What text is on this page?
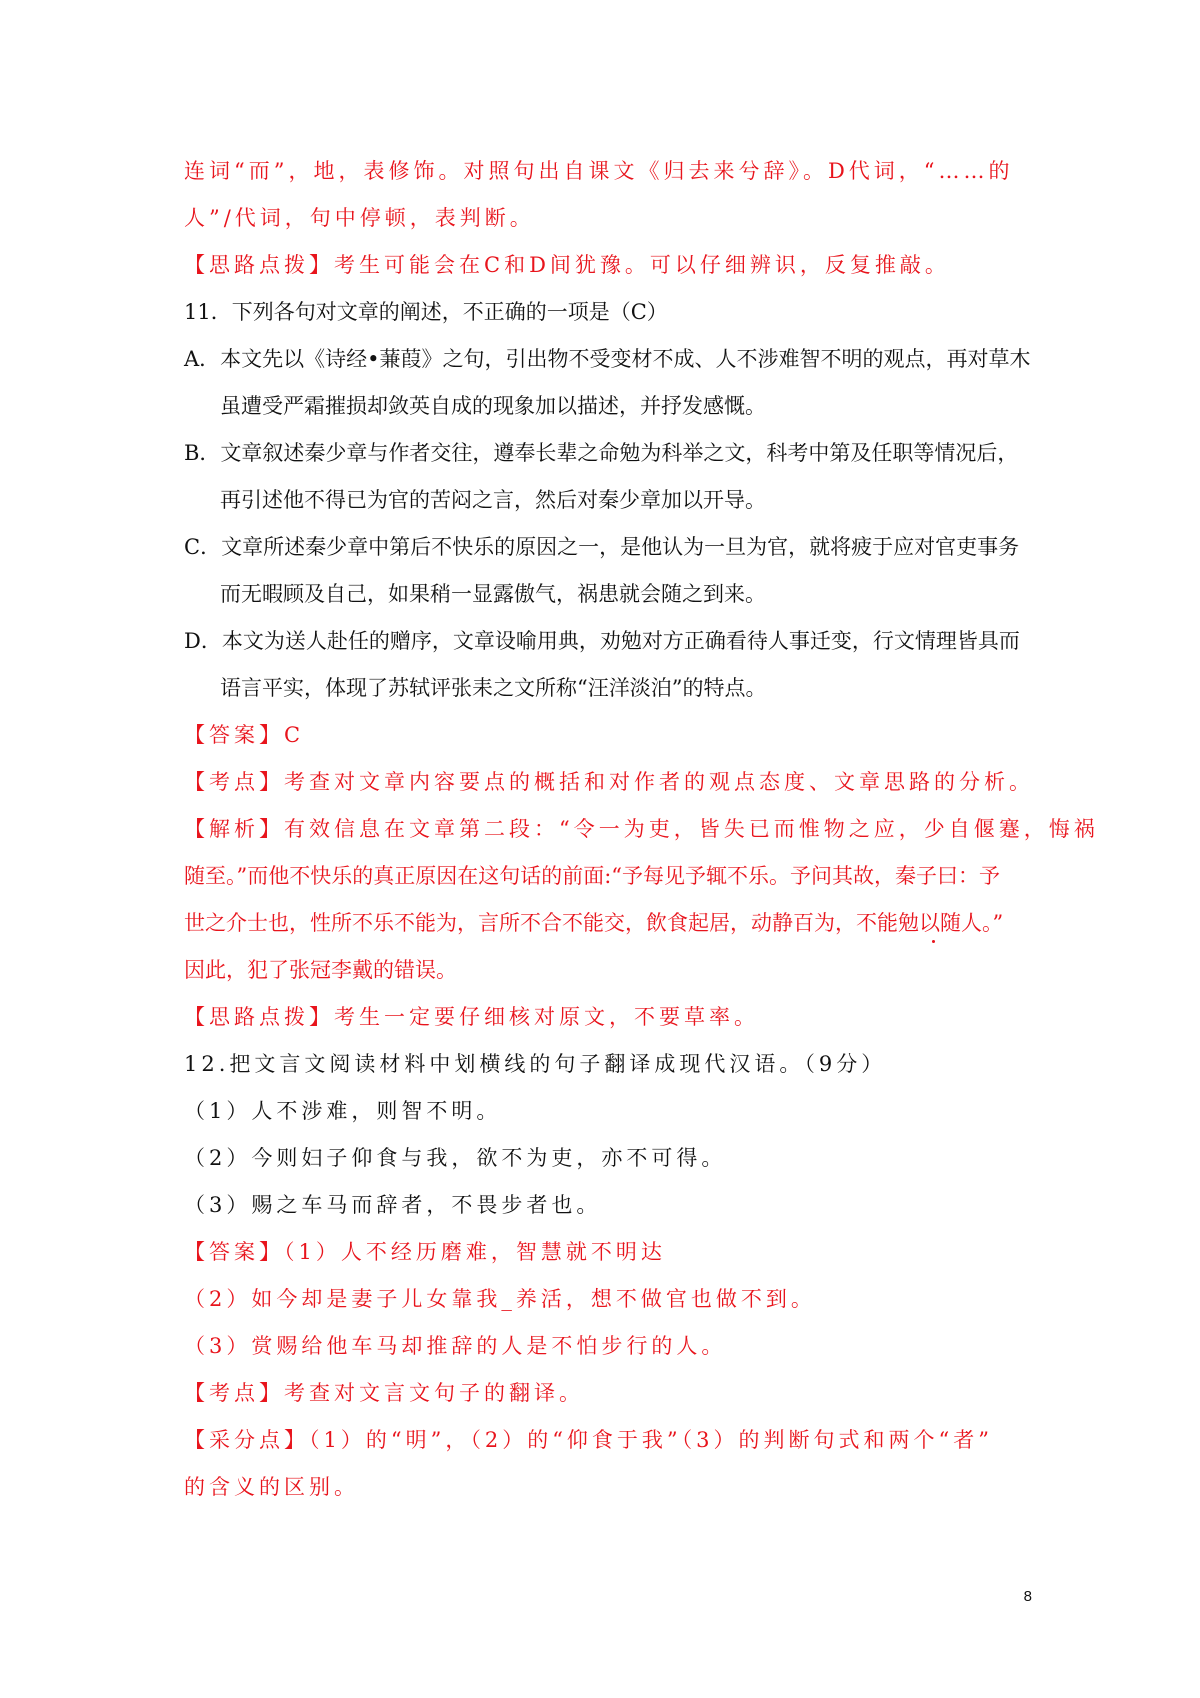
连词“而”，地，表修饰。对照句出自课文《归去来兮辞》。D代词，“……的
人”/代词，句中停顿，表判断。
【思路点拨】考生可能会在C和D间犹豫。可以仔细辨识，反复推敲。
11．下列各句对文章的阐述，不正确的一项是（C）
A．本文先以《诗经•蒹葭》之句，引出物不受变材不成、人不涉难智不明的观点，再对草木
虽遭受严霜摧损却敛英自成的现象加以描述，并抒发感慨。
B．文章叙述秦少章与作者交往，遵奉长辈之命勉为科举之文，科考中第及任职等情况后，
再引述他不得已为官的苦闷之言，然后对秦少章加以开导。
C．文章所述秦少章中第后不快乐的原因之一，是他认为一旦为官，就将疲于应对官吏事务
而无暇顾及自己，如果稍一显露傲气，祸患就会随之到来。
D．本文为送人赴任的赠序，文章设喻用典，劝勉对方正确看待人事迁变，行文情理皆具而
语言平实，体现了苏轼评张耒之文所称“汪洋淡泊”的特点。
【答案】C
【考点】考查对文章内容要点的概括和对作者的观点态度、文章思路的分析。
【解析】有效信息在文章第二段：“令一为吏，皆失已而惟物之应，少自偃蹇，悔祸
随至。”而他不快乐的真正原因在这句话的前面:“予每见予辄不乐。予问其故，秦子曰：予
世之介士也，性所不乐不能为，言所不合不能交，飲食起居，动静百为，不能勉以随人。”
因此，犯了张冠李戴的错误。
【思路点拨】考生一定要仔细核对原文，不要草率。
12.把文言文阅读材料中划横线的句子翻译成现代汉语。（9分）
（1）人不涉难，则智不明。
（2）今则妇子仰食与我，欲不为吏，亦不可得。
（3）赐之车马而辞者，不畏步者也。
【答案】（1）人不经历磨难，智慧就不明达
（2）如今却是妻子儿女靠我_养活，想不做官也做不到。
（3）赏赐给他车马却推辞的人是不怕步行的人。
【考点】考查对文言文句子的翻译。
【采分点】（1）的“明”，（2）的“仰食于我”（3）的判断句式和两个“者”
的含义的区别。
8
